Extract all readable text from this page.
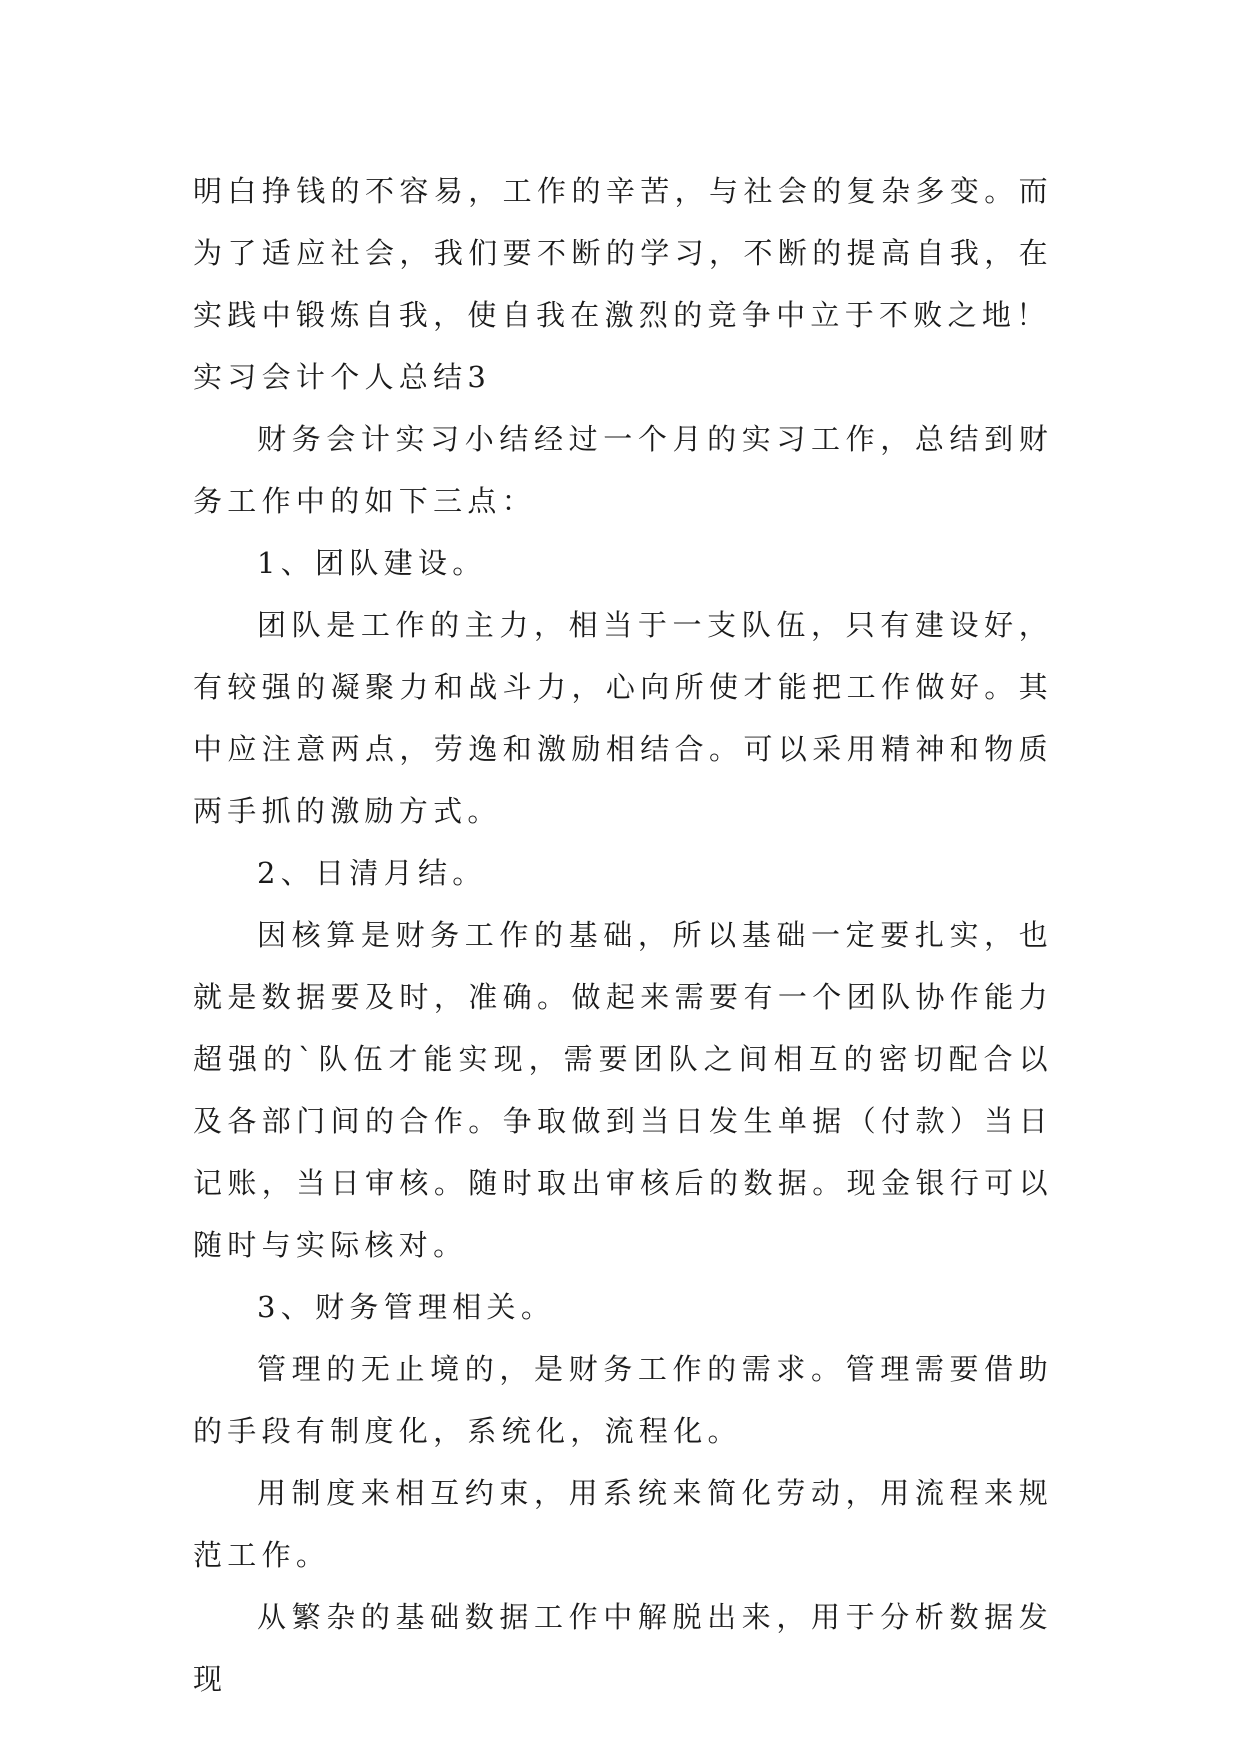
明白挣钱的不容易，工作的辛苦，与社会的复杂多变。而为了适应社会，我们要不断的学习，不断的提高自我，在实践中锻炼自我，使自我在激烈的竞争中立于不败之地！

实习会计个人总结3

财务会计实习小结经过一个月的实习工作，总结到财务工作中的如下三点：

1、团队建设。

团队是工作的主力，相当于一支队伍，只有建设好，有较强的凝聚力和战斗力，心向所使才能把工作做好。其中应注意两点，劳逸和激励相结合。可以采用精神和物质两手抓的激励方式。

2、日清月结。

因核算是财务工作的基础，所以基础一定要扎实，也就是数据要及时，准确。做起来需要有一个团队协作能力超强的`队伍才能实现，需要团队之间相互的密切配合以及各部门间的合作。争取做到当日发生单据（付款）当日记账，当日审核。随时取出审核后的数据。现金银行可以随时与实际核对。

3、财务管理相关。

管理的无止境的，是财务工作的需求。管理需要借助的手段有制度化，系统化，流程化。

用制度来相互约束，用系统来简化劳动，用流程来规范工作。

从繁杂的基础数据工作中解脱出来，用于分析数据发现
